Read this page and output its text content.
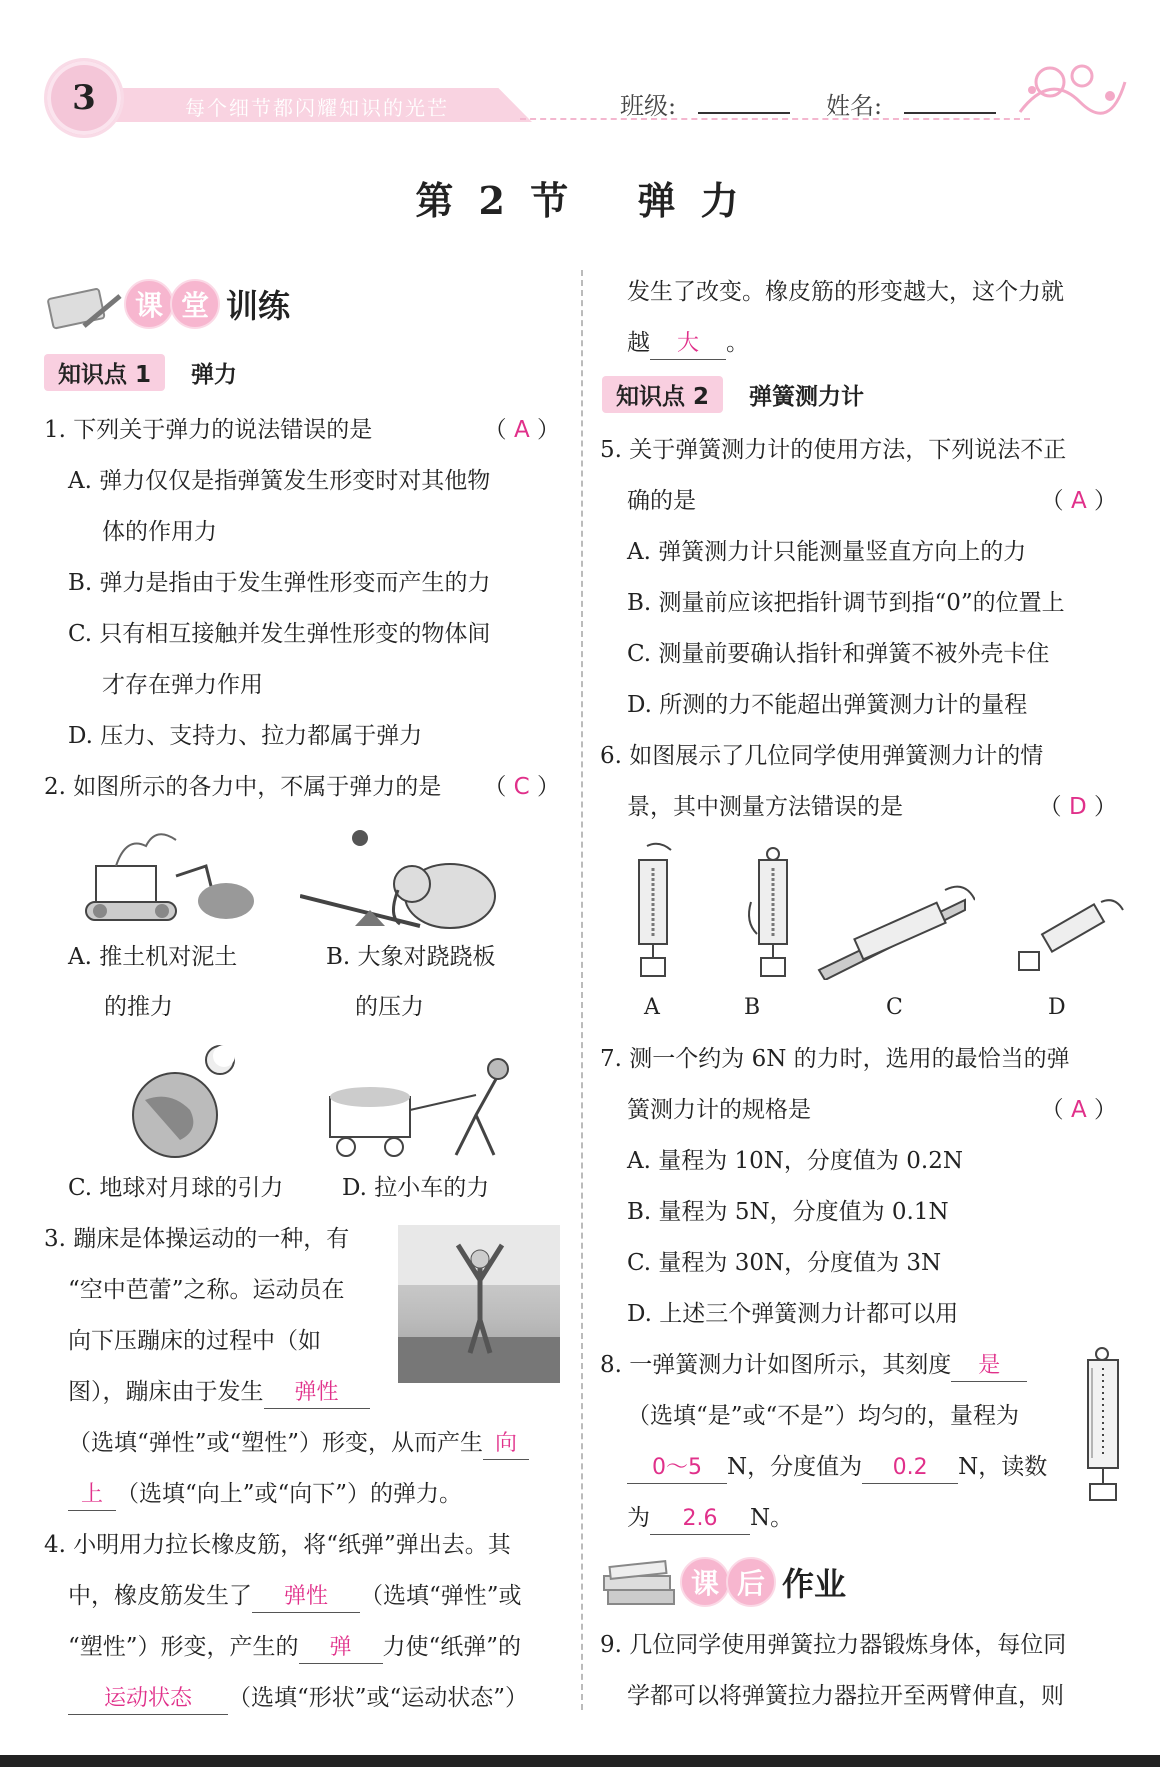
3	每个细节都闪耀知识的光芒	班级:	姓名:
第 2 节　 弹 力
课 堂 训练
知识点 1 弹力
1. 下列关于弹力的说法错误的是	（ A ）
A. 弹力仅仅是指弹簧发生形变时对其他物
体的作用力
B. 弹力是指由于发生弹性形变而产生的力
C. 只有相互接触并发生弹性形变的物体间
才存在弹力作用
D. 压力、支持力、拉力都属于弹力
2. 如图所示的各力中，不属于弹力的是 （ C ）
A. 推土机对泥土
的推力
B. 大象对跷跷板
的压力
C. 地球对月球的引力	D. 拉小车的力
3. 蹦床是体操运动的一种，有
“空中芭蕾”之称。运动员在
向下压蹦床的过程中（如
图），蹦床由于发生 弹性
（选填“弹性”或“塑性”）形变，从而产生 向
上 （选填“向上”或“向下”）的弹力。
4. 小明用力拉长橡皮筋，将“纸弹”弹出去。其
中，橡皮筋发生了 弹性 （选填“弹性”或
“塑性”）形变，产生的 弹 力使“纸弹”的
运动状态 （选填“形状”或“运动状态”）
发生了改变。橡皮筋的形变越大，这个力就
越 大 。
知识点 2 弹簧测力计
5. 关于弹簧测力计的使用方法，下列说法不正
确的是	（ A ）
A. 弹簧测力计只能测量竖直方向上的力
B. 测量前应该把指针调节到指“0”的位置上
C. 测量前要确认指针和弹簧不被外壳卡住
D. 所测的力不能超出弹簧测力计的量程
6. 如图展示了几位同学使用弹簧测力计的情
景，其中测量方法错误的是	（ D ）
A	B	C	D
7. 测一个约为 6N 的力时，选用的最恰当的弹
簧测力计的规格是	（ A ）
A. 量程为 10N，分度值为 0.2N
B. 量程为 5N，分度值为 0.1N
C. 量程为 30N，分度值为 3N
D. 上述三个弹簧测力计都可以用
8. 一弹簧测力计如图所示，其刻度 是
（选填“是”或“不是”）均匀的，量程为
0～5 N，分度值为 0.2 N，读数
为 2.6 N。
课 后 作业
9. 几位同学使用弹簧拉力器锻炼身体，每位同
学都可以将弹簧拉力器拉开至两臂伸直，则
